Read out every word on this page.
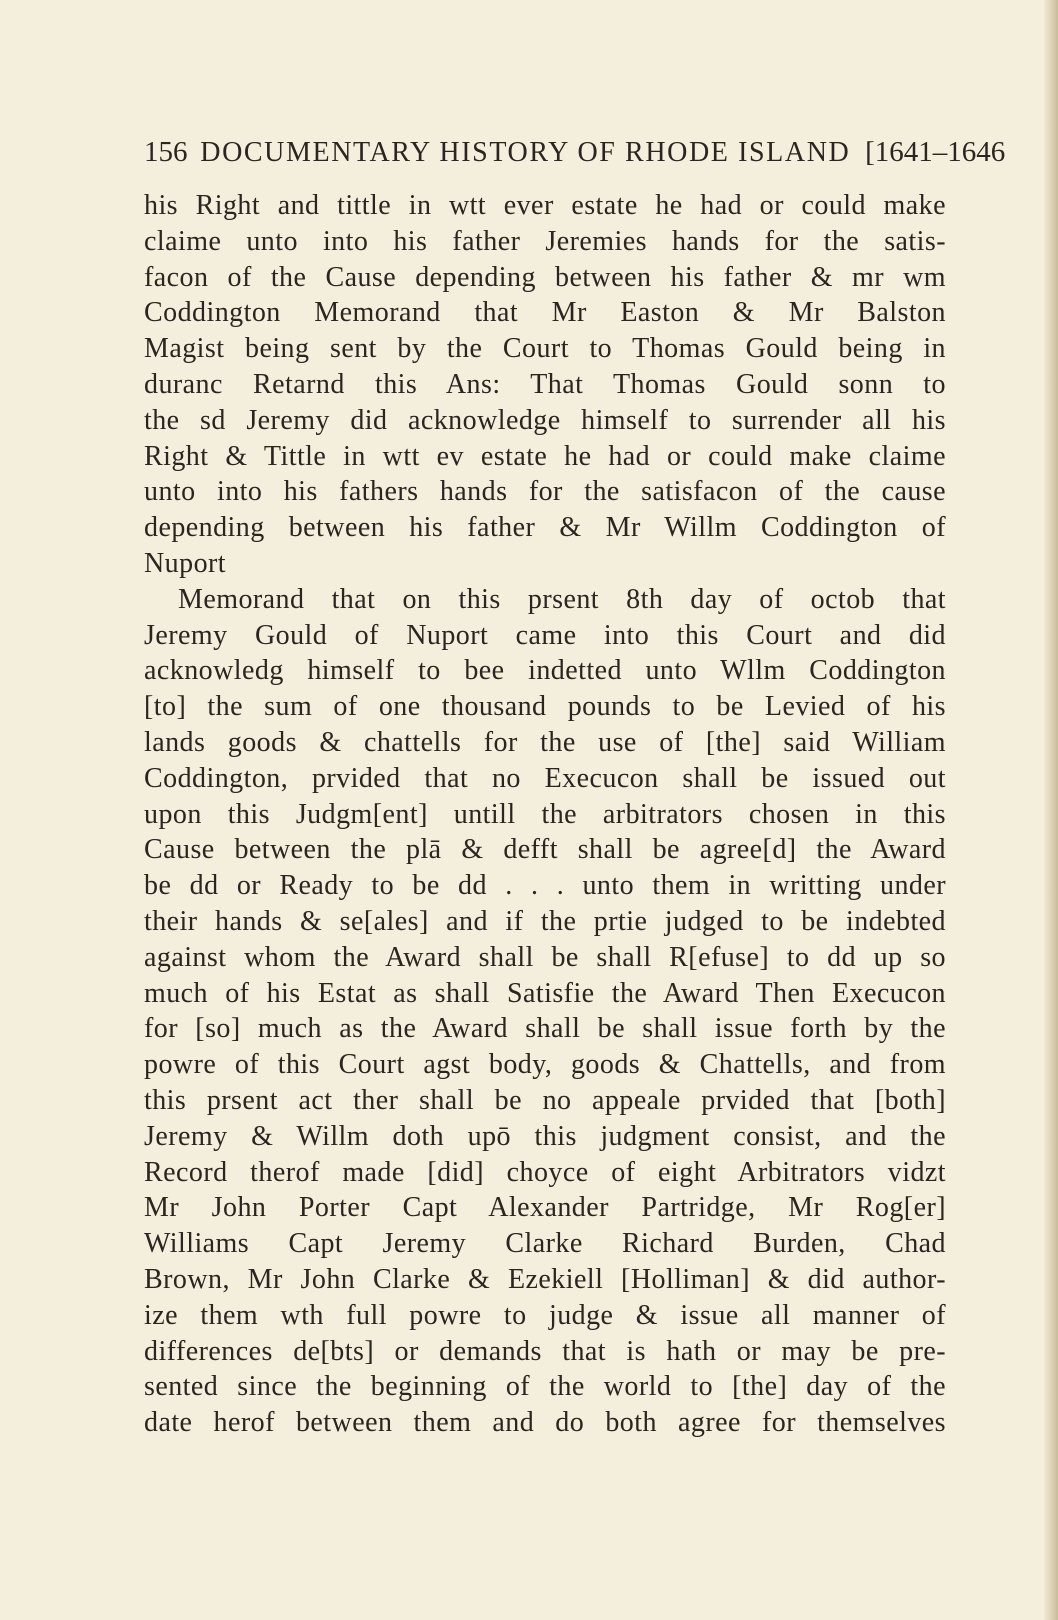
156 DOCUMENTARY HISTORY OF RHODE ISLAND [1641–1646
his Right and tittle in wtt ever estate he had or could make
claime unto into his father Jeremies hands for the satis-
facon of the Cause depending between his father & mr wm
Coddington Memorand that Mr Easton & Mr Balston
Magist being sent by the Court to Thomas Gould being in
duranc Retarnd this Ans: That Thomas Gould sonn to
the sd Jeremy did acknowledge himself to surrender all his
Right & Tittle in wtt ev estate he had or could make claime
unto into his fathers hands for the satisfacon of the cause
depending between his father & Mr Willm Coddington of
Nuport
Memorand that on this prsent 8th day of octob that
Jeremy Gould of Nuport came into this Court and did
acknowledg himself to bee indetted unto Wllm Coddington
[to] the sum of one thousand pounds to be Levied of his
lands goods & chattells for the use of [the] said William
Coddington, prvided that no Execucon shall be issued out
upon this Judgm[ent] untill the arbitrators chosen in this
Cause between the plā & defft shall be agree[d] the Award
be dd or Ready to be dd . . . unto them in writting under
their hands & se[ales] and if the prtie judged to be indebted
against whom the Award shall be shall R[efuse] to dd up so
much of his Estat as shall Satisfie the Award Then Execucon
for [so] much as the Award shall be shall issue forth by the
powre of this Court agst body, goods & Chattells, and from
this prsent act ther shall be no appeale prvided that [both]
Jeremy & Willm doth upō this judgment consist, and the
Record therof made [did] choyce of eight Arbitrators vidzt
Mr John Porter Capt Alexander Partridge, Mr Rog[er]
Williams Capt Jeremy Clarke Richard Burden, Chad
Brown, Mr John Clarke & Ezekiell [Holliman] & did author-
ize them wth full powre to judge & issue all manner of
differences de[bts] or demands that is hath or may be pre-
sented since the beginning of the world to [the] day of the
date herof between them and do both agree for themselves
